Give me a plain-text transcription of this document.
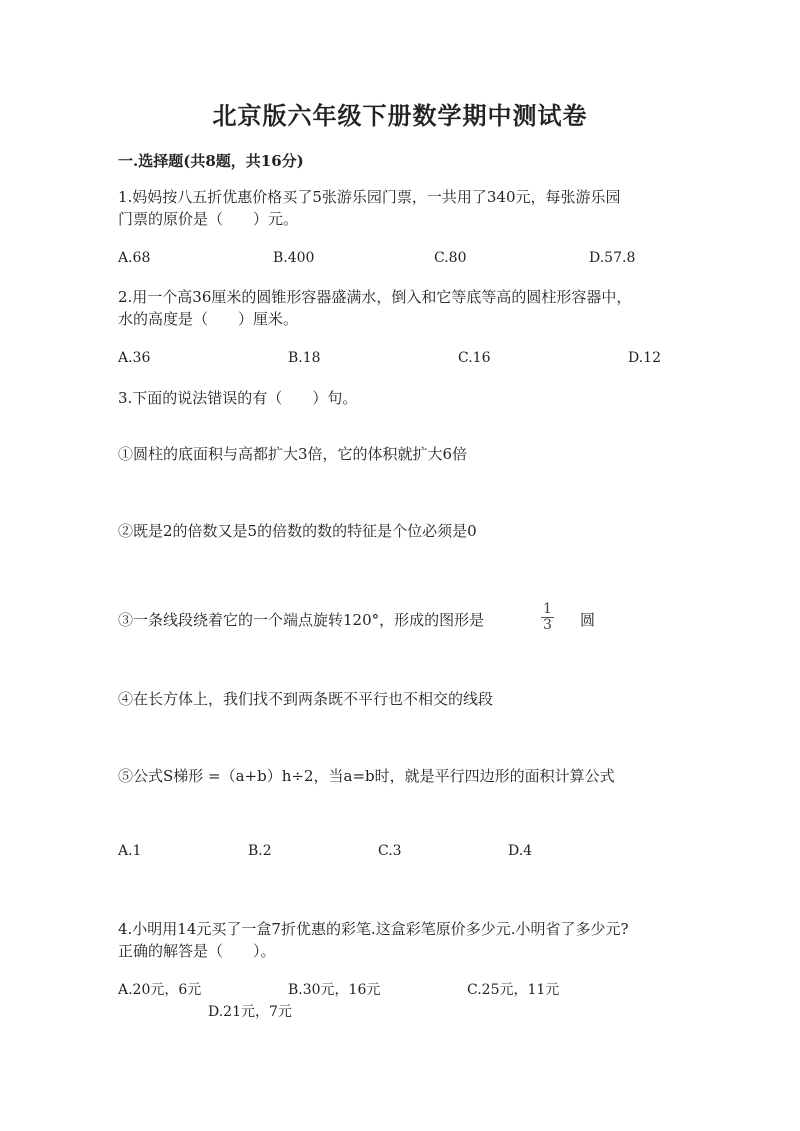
北京版六年级下册数学期中测试卷
一.选择题(共8题，共16分)
1.妈妈按八五折优惠价格买了5张游乐园门票，一共用了340元，每张游乐园
门票的原价是（　　）元。
A.68	B.400	C.80	D.57.8
2.用一个高36厘米的圆锥形容器盛满水，倒入和它等底等高的圆柱形容器中，
水的高度是（　　）厘米。
A.36	B.18	C.16	D.12
3.下面的说法错误的有（　　）句。
①圆柱的底面积与高都扩大3倍，它的体积就扩大6倍
②既是2的倍数又是5的倍数的数的特征是个位必须是0
③一条线段绕着它的一个端点旋转120°，形成的图形是	$\frac{1}{3}$ 圆
④在长方体上，我们找不到两条既不平行也不相交的线段
⑤公式S梯形 =（a+b）h÷2，当a=b时，就是平行四边形的面积计算公式
A.1	B.2	C.3	D.4
4.小明用14元买了一盒7折优惠的彩笔.这盒彩笔原价多少元.小明省了多少元?
正确的解答是（　　）。
A.20元，6元	B.30元，16元	C.25元，11元
D.21元，7元
